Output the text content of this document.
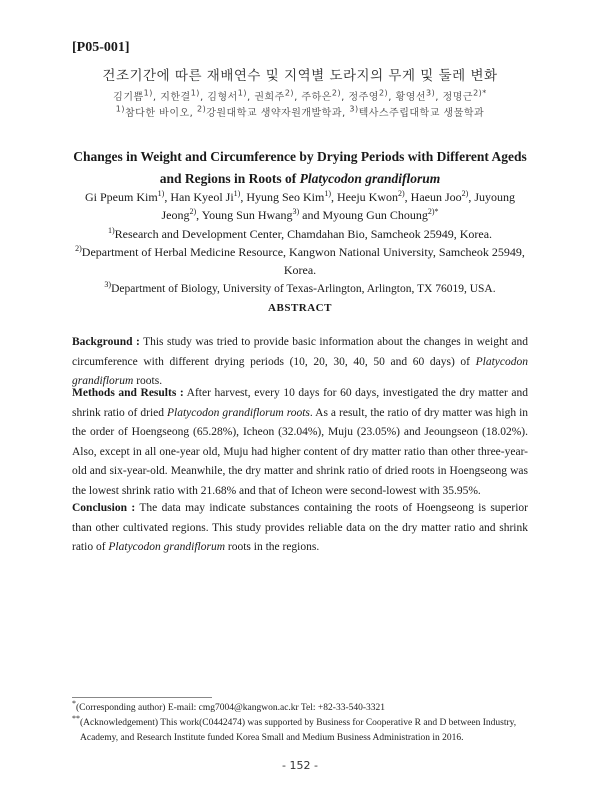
[P05-001]
건조기간에 따른 재배연수 및 지역별 도라지의 무게 및 둘레 변화
김기쁨$^{1)}$, 지한결$^{1)}$, 김형서$^{1)}$, 권희주$^{2)}$, 주하은$^{2)}$, 정주영$^{2)}$, 황영선$^{3)}$, 정명근$^{2)*}$
$^{1)}$참다한 바이오, $^{2)}$강원대학교 생약자원개발학과, $^{3)}$텍사스주립대학교 생물학과
Changes in Weight and Circumference by Drying Periods with Different Ageds
and Regions in Roots of Platycodon grandiflorum
Gi Ppeum Kim$^{1)}$, Han Kyeol Ji$^{1)}$, Hyung Seo Kim$^{1)}$, Heeju Kwon$^{2)}$, Haeun Joo$^{2)}$, Juyoung
Jeong$^{2)}$, Young Sun Hwang$^{3)}$ and Myoung Gun Choung$^{2)*}$
$^{1)}$Research and Development Center, Chamdahan Bio, Samcheok 25949, Korea.
$^{2)}$Department of Herbal Medicine Resource, Kangwon National University, Samcheok 25949,
Korea.
$^{3)}$Department of Biology, University of Texas-Arlington, Arlington, TX 76019, USA.
ABSTRACT
Background : This study was tried to provide basic information about the changes in weight and circumference with different drying periods (10, 20, 30, 40, 50 and 60 days) of Platycodon grandiflorum roots.
Methods and Results : After harvest, every 10 days for 60 days, investigated the dry matter and shrink ratio of dried Platycodon grandiflorum roots. As a result, the ratio of dry matter was high in the order of Hoengseong (65.28%), Icheon (32.04%), Muju (23.05%) and Jeoungseon (18.02%). Also, except in all one-year old, Muju had higher content of dry matter ratio than other three-year-old and six-year-old. Meanwhile, the dry matter and shrink ratio of dried roots in Hoengseong was the lowest shrink ratio with 21.68% and that of Icheon were second-lowest with 35.95%.
Conclusion : The data may indicate substances containing the roots of Hoengseong is superior than other cultivated regions. This study provides reliable data on the dry matter ratio and shrink ratio of Platycodon grandiflorum roots in the regions.
*(Corresponding author) E-mail: cmg7004@kangwon.ac.kr Tel: +82-33-540-3321
**(Acknowledgement) This work(C0442474) was supported by Business for Cooperative R and D between Industry,
Academy, and Research Institute funded Korea Small and Medium Business Administration in 2016.
- 152 -
